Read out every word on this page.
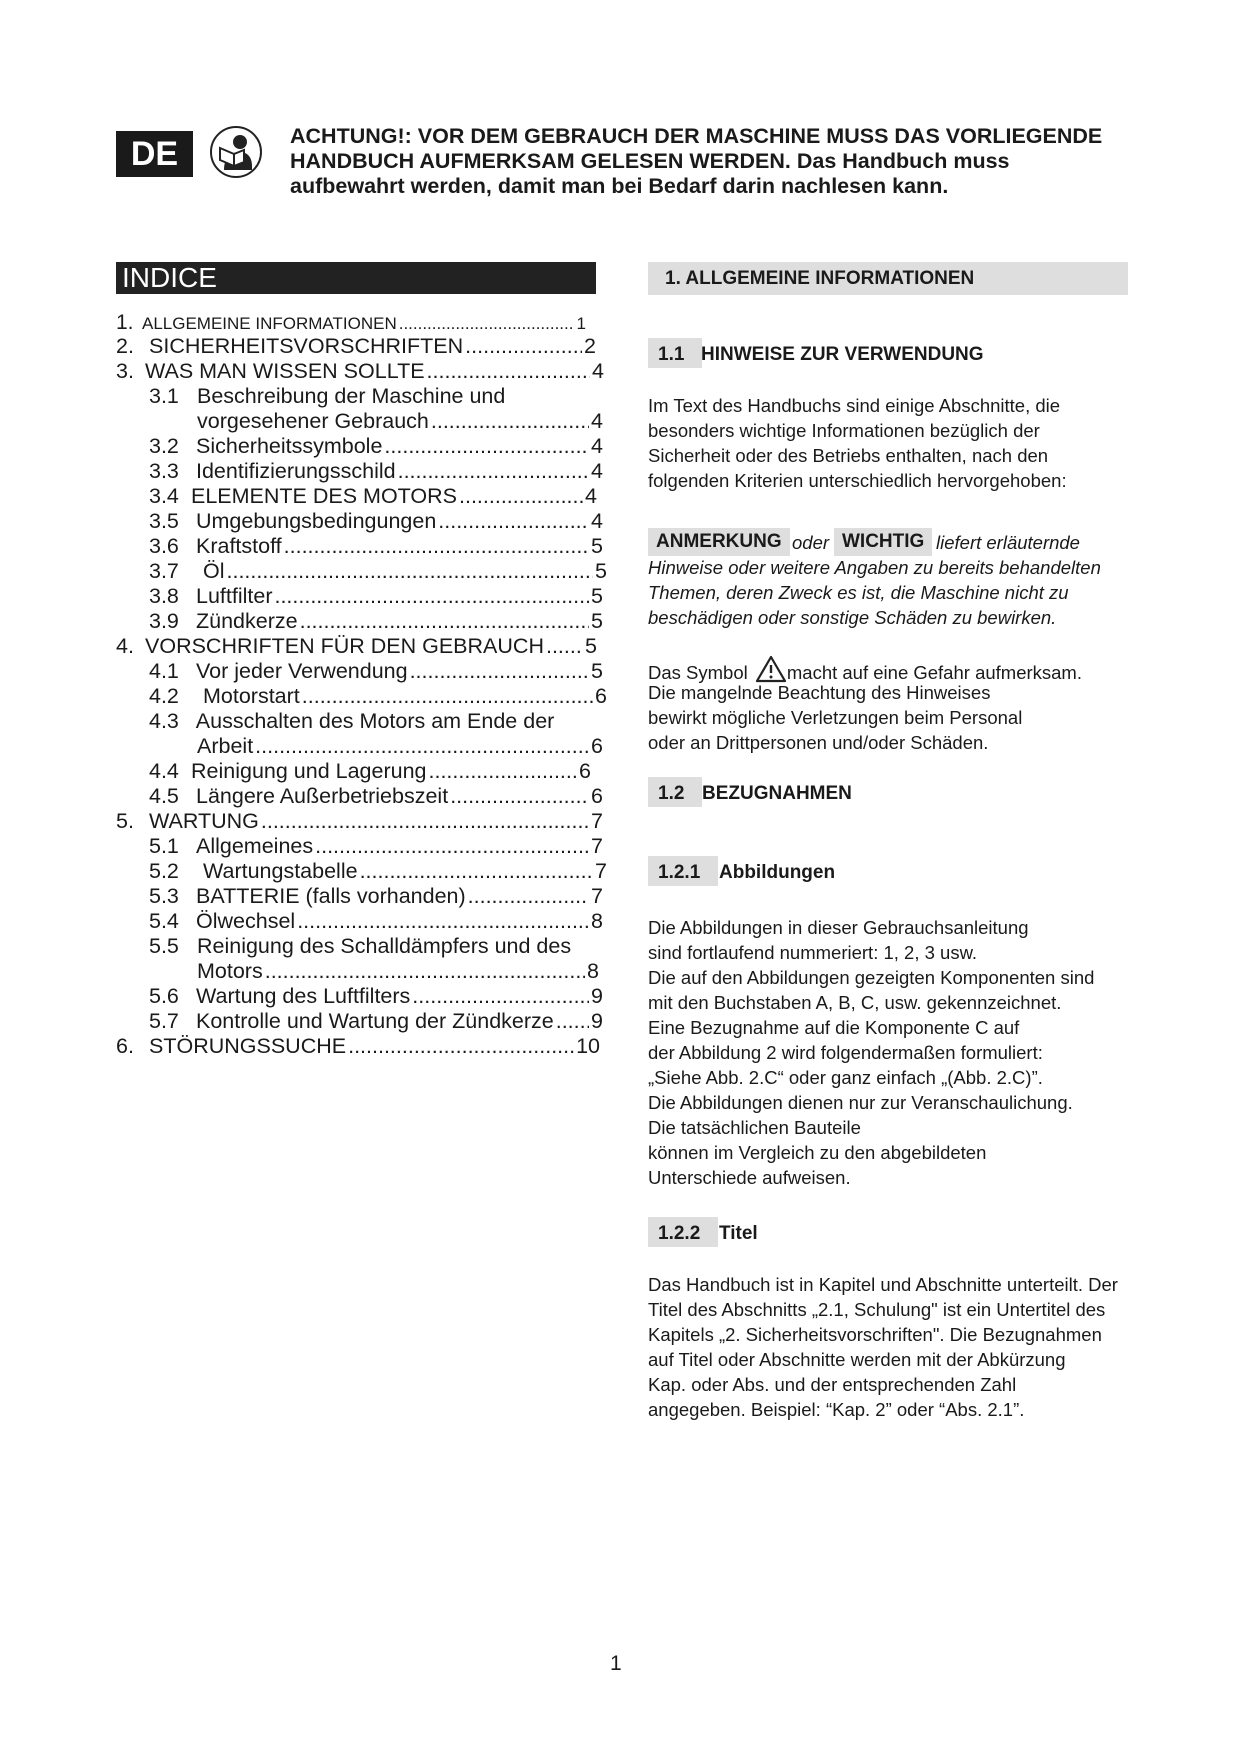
DE	ACHTUNG!: VOR DEM GEBRAUCH DER MASCHINE MUSS DAS VORLIEGENDE
HANDBUCH AUFMERKSAM GELESEN WERDEN. Das Handbuch muss
aufbewahrt werden, damit man bei Bedarf darin nachlesen kann.
INDICE
1. ALLGEMEINE INFORMATIONEN .....	1
2. SICHERHEITSVORSCHRIFTEN .....	2
3. WAS MAN WISSEN SOLLTE .....	4
3.1 Beschreibung der Maschine und
vorgesehener Gebrauch .....	4
3.2 Sicherheitssymbole .....	4
3.3 Identifizierungsschild .....	4
3.4 ELEMENTE DES MOTORS .....	4
3.5 Umgebungsbedingungen .....	4
3.6 Kraftstoff .....	5
3.7	Öl .....	5
3.8 Luftfilter .....	5
3.9 Zündkerze .....	5
4. VORSCHRIFTEN FÜR DEN GEBRAUCH ..... 5
4.1 Vor jeder Verwendung .....	5
4.2	Motorstart .....	6
4.3 Ausschalten des Motors am Ende der
Arbeit .....	6
4.4 Reinigung und Lagerung .....	6
4.5 Längere Außerbetriebszeit .....	6
5. WARTUNG .....	7
5.1 Allgemeines .....	7
5.2	Wartungstabelle .....	7
5.3 BATTERIE (falls vorhanden) .....	7
5.4 Ölwechsel .....	8
5.5 Reinigung des Schalldämpfers und des
Motors .....	8
5.6 Wartung des Luftfilters .....	9
5.7 Kontrolle und Wartung der Zündkerze ..... 9
6. STÖRUNGSSUCHE .....	10
1. ALLGEMEINE INFORMATIONEN
1.1 HINWEISE ZUR VERWENDUNG
Im Text des Handbuchs sind einige Abschnitte, die
besonders wichtige Informationen bezüglich der
Sicherheit oder des Betriebs enthalten, nach den
folgenden Kriterien unterschiedlich hervorgehoben:
ANMERKUNG oder WICHTIG liefert erläuternde
Hinweise oder weitere Angaben zu bereits behandelten
Themen, deren Zweck es ist, die Maschine nicht zu
beschädigen oder sonstige Schäden zu bewirken.
Das Symbol macht auf eine Gefahr aufmerksam.
Die mangelnde Beachtung des Hinweises
bewirkt mögliche Verletzungen beim Personal
oder an Drittpersonen und/oder Schäden.
1.2 BEZUGNAHMEN
1.2.1 Abbildungen
Die Abbildungen in dieser Gebrauchsanleitung
sind fortlaufend nummeriert: 1, 2, 3 usw.
Die auf den Abbildungen gezeigten Komponenten sind
mit den Buchstaben A, B, C, usw. gekennzeichnet.
Eine Bezugnahme auf die Komponente C auf
der Abbildung 2 wird folgendermaßen formuliert:
„Siehe Abb. 2.C“ oder ganz einfach „(Abb. 2.C)”.
Die Abbildungen dienen nur zur Veranschaulichung.
Die tatsächlichen Bauteile
können im Vergleich zu den abgebildeten
Unterschiede aufweisen.
1.2.2 Titel
Das Handbuch ist in Kapitel und Abschnitte unterteilt. Der
Titel des Abschnitts „2.1, Schulung" ist ein Untertitel des
Kapitels „2. Sicherheitsvorschriften". Die Bezugnahmen
auf Titel oder Abschnitte werden mit der Abkürzung
Kap. oder Abs. und der entsprechenden Zahl
angegeben. Beispiel: “Kap. 2” oder “Abs. 2.1”.
1
